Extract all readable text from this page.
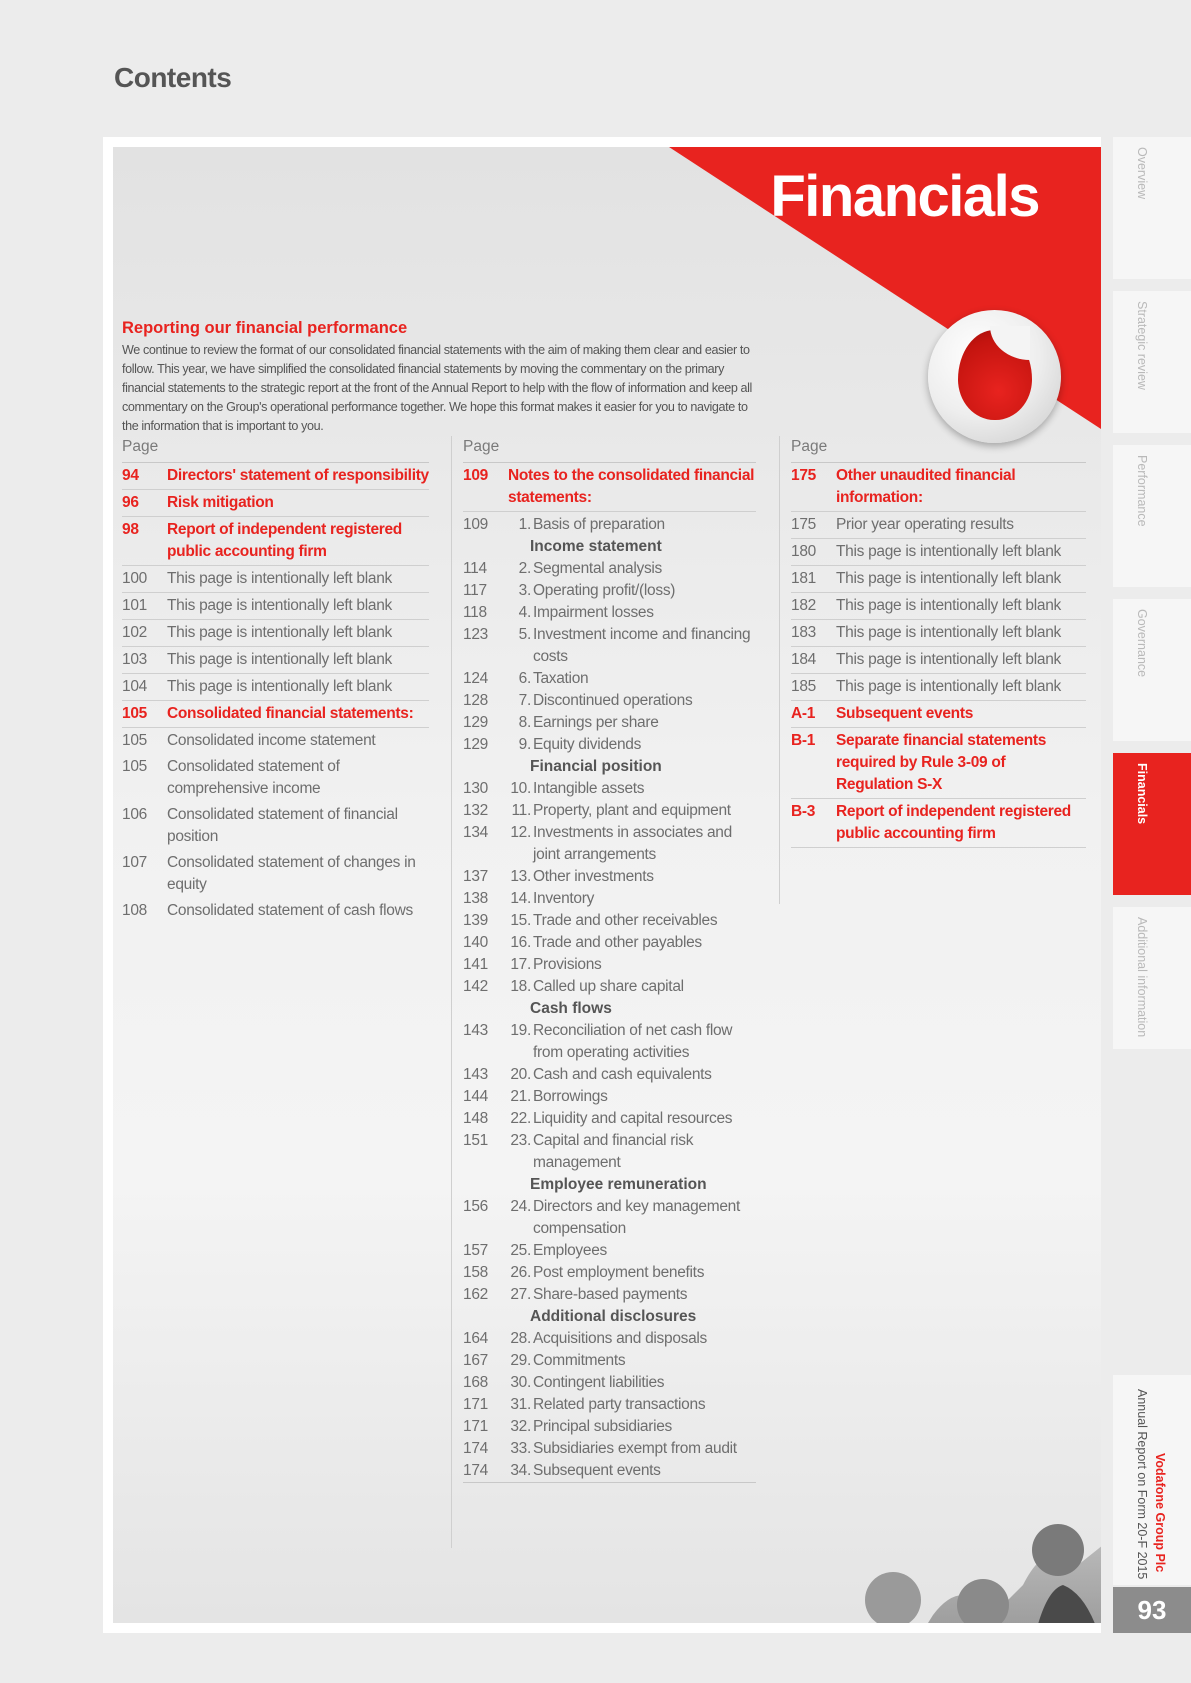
Contents
Financials
Reporting our financial performance
We continue to review the format of our consolidated financial statements with the aim of making them clear and easier to follow. This year, we have simplified the consolidated financial statements by moving the commentary on the primary financial statements to the strategic report at the front of the Annual Report to help with the flow of information and keep all commentary on the Group's operational performance together. We hope this format makes it easier for you to navigate to the information that is important to you.
Page
94	Directors' statement of responsibility
96	Risk mitigation
98	Report of independent registered public accounting firm
100	This page is intentionally left blank
101	This page is intentionally left blank
102	This page is intentionally left blank
103	This page is intentionally left blank
104	This page is intentionally left blank
105	Consolidated financial statements:
105	Consolidated income statement
105	Consolidated statement of comprehensive income
106	Consolidated statement of financial position
107	Consolidated statement of changes in equity
108	Consolidated statement of cash flows
Page
109	Notes to the consolidated financial statements:
109	1. Basis of preparation
Income statement
114	2. Segmental analysis
117	3. Operating profit/(loss)
118	4. Impairment losses
123	5. Investment income and financing costs
124	6. Taxation
128	7. Discontinued operations
129	8. Earnings per share
129	9. Equity dividends
Financial position
130	10. Intangible assets
132	11. Property, plant and equipment
134	12. Investments in associates and joint arrangements
137	13. Other investments
138	14. Inventory
139	15. Trade and other receivables
140	16. Trade and other payables
141	17. Provisions
142	18. Called up share capital
Cash flows
143	19. Reconciliation of net cash flow from operating activities
143	20. Cash and cash equivalents
144	21. Borrowings
148	22. Liquidity and capital resources
151	23. Capital and financial risk management
Employee remuneration
156	24. Directors and key management compensation
157	25. Employees
158	26. Post employment benefits
162	27. Share-based payments
Additional disclosures
164	28. Acquisitions and disposals
167	29. Commitments
168	30. Contingent liabilities
171	31. Related party transactions
171	32. Principal subsidiaries
174	33. Subsidiaries exempt from audit
174	34. Subsequent events
Page
175	Other unaudited financial information:
175	Prior year operating results
180	This page is intentionally left blank
181	This page is intentionally left blank
182	This page is intentionally left blank
183	This page is intentionally left blank
184	This page is intentionally left blank
185	This page is intentionally left blank
A-1	Subsequent events
B-1	Separate financial statements required by Rule 3-09 of Regulation S-X
B-3	Report of independent registered public accounting firm
Overview
Strategic review
Performance
Governance
Financials
Additional information
Annual Report on Form 20-F 2015 Vodafone Group Plc
93
